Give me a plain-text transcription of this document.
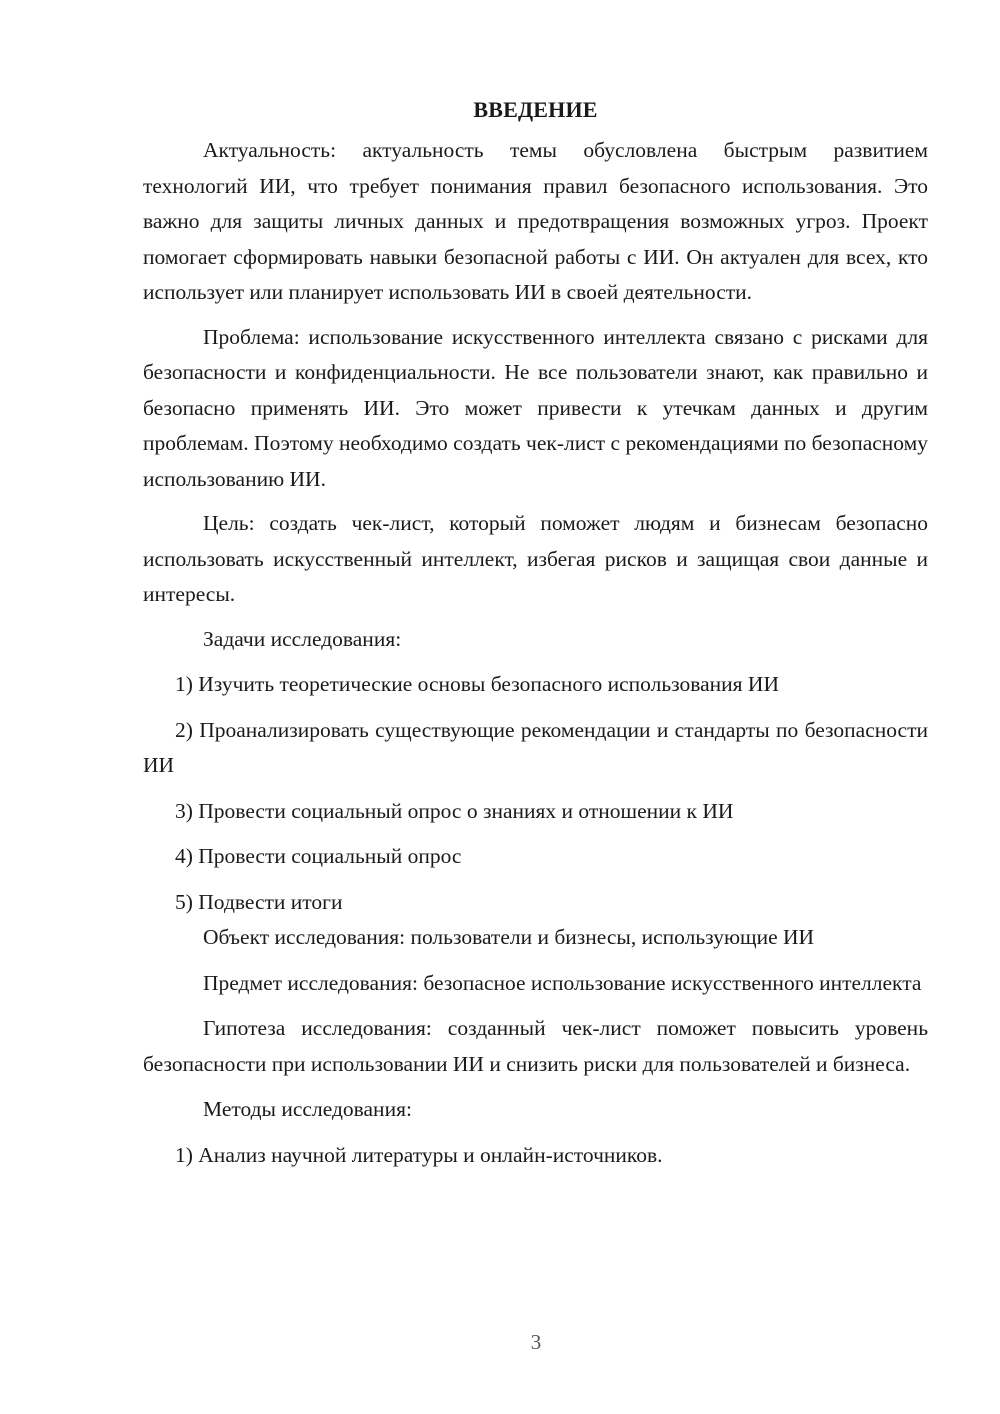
ВВЕДЕНИЕ

Актуальность: актуальность темы обусловлена быстрым развитием технологий ИИ, что требует понимания правил безопасного использования. Это важно для защиты личных данных и предотвращения возможных угроз. Проект помогает сформировать навыки безопасной работы с ИИ. Он актуален для всех, кто использует или планирует использовать ИИ в своей деятельности.

Проблема: использование искусственного интеллекта связано с рисками для безопасности и конфиденциальности. Не все пользователи знают, как правильно и безопасно применять ИИ. Это может привести к утечкам данных и другим проблемам. Поэтому необходимо создать чек-лист с рекомендациями по безопасному использованию ИИ.

Цель: создать чек-лист, который поможет людям и бизнесам безопасно использовать искусственный интеллект, избегая рисков и защищая свои данные и интересы.

Задачи исследования:

1) Изучить теоретические основы безопасного использования ИИ

2) Проанализировать существующие рекомендации и стандарты по безопасности ИИ

3) Провести социальный опрос о знаниях и отношении к ИИ

4) Провести социальный опрос

5) Подвести итоги

Объект исследования: пользователи и бизнесы, использующие ИИ

Предмет исследования: безопасное использование искусственного интеллекта

Гипотеза исследования: созданный чек-лист поможет повысить уровень безопасности при использовании ИИ и снизить риски для пользователей и бизнеса.

Методы исследования:

1) Анализ научной литературы и онлайн-источников.

3
